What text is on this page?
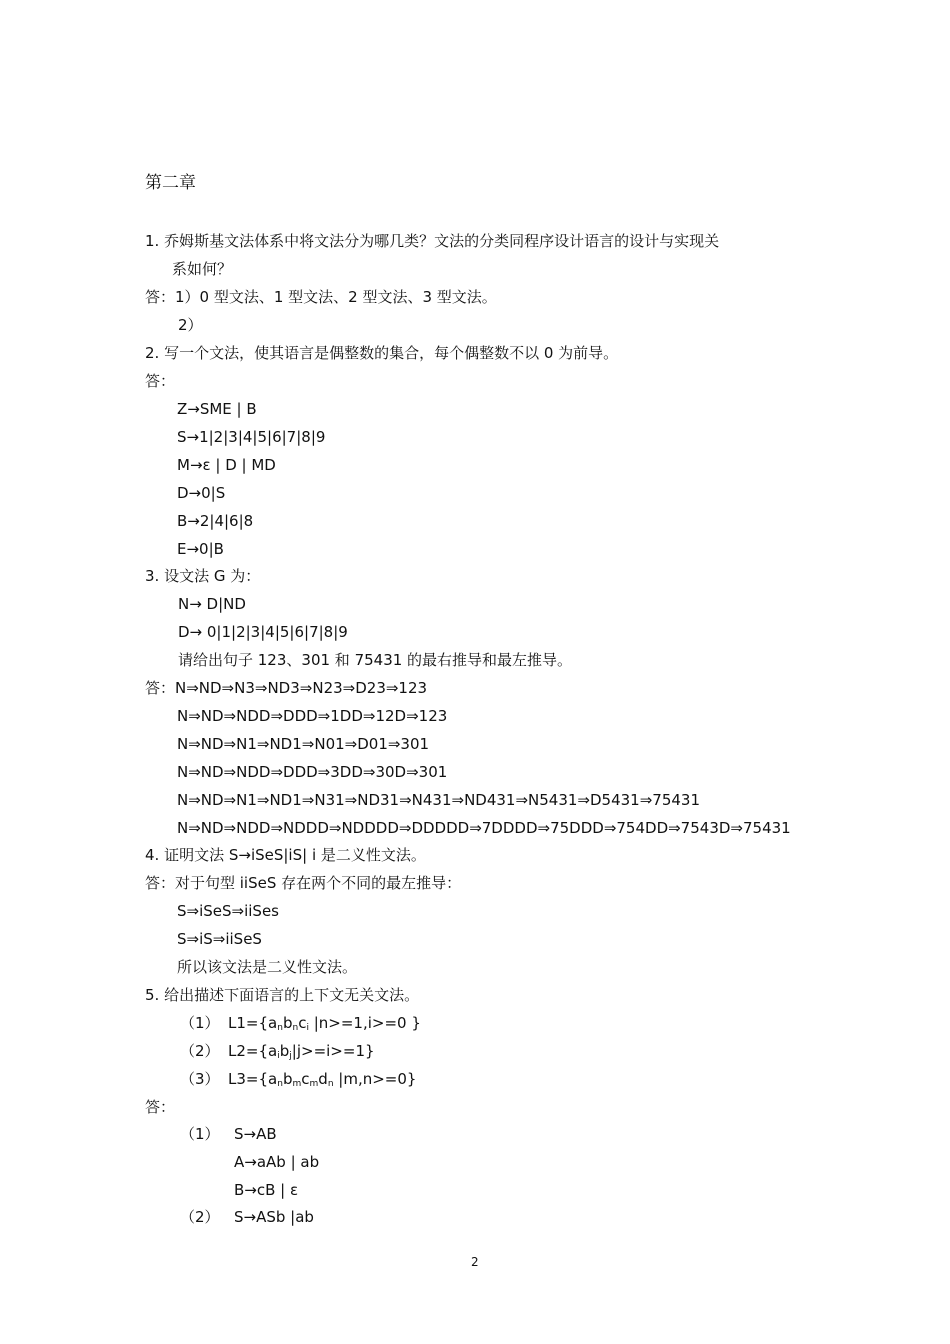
第二章
1. 乔姆斯基文法体系中将文法分为哪几类？文法的分类同程序设计语言的设计与实现关
系如何？
答：1）0 型文法、1 型文法、2 型文法、3 型文法。
2）
2. 写一个文法，使其语言是偶整数的集合，每个偶整数不以 0 为前导。
答：
Z→SME | B
S→1|2|3|4|5|6|7|8|9
M→ε | D | MD
D→0|S
B→2|4|6|8
E→0|B
3. 设文法 G 为：
N→ D|ND
D→ 0|1|2|3|4|5|6|7|8|9
请给出句子 123、301 和 75431 的最右推导和最左推导。
答：N⇒ND⇒N3⇒ND3⇒N23⇒D23⇒123
N⇒ND⇒NDD⇒DDD⇒1DD⇒12D⇒123
N⇒ND⇒N1⇒ND1⇒N01⇒D01⇒301
N⇒ND⇒NDD⇒DDD⇒3DD⇒30D⇒301
N⇒ND⇒N1⇒ND1⇒N31⇒ND31⇒N431⇒ND431⇒N5431⇒D5431⇒75431
N⇒ND⇒NDD⇒NDDD⇒NDDDD⇒DDDDD⇒7DDDD⇒75DDD⇒754DD⇒7543D⇒75431
4. 证明文法 S→iSeS|iS| i 是二义性文法。
答：对于句型 iiSeS 存在两个不同的最左推导：
S⇒iSeS⇒iiSes
S⇒iS⇒iiSeS
所以该文法是二义性文法。
5. 给出描述下面语言的上下文无关文法。
（1） $L1=\{a_nb_nc_i$ |n>=1,i>=0 }
（2） $L2=\{a_ib_j|j>=i>=1\}$
（3） $L3=\{a_nb_mc_md_n$ |m,n>=0}
答：
（1） S→AB
A→aAb | ab
B→cB | ε
（2） S→ASb |ab
2
